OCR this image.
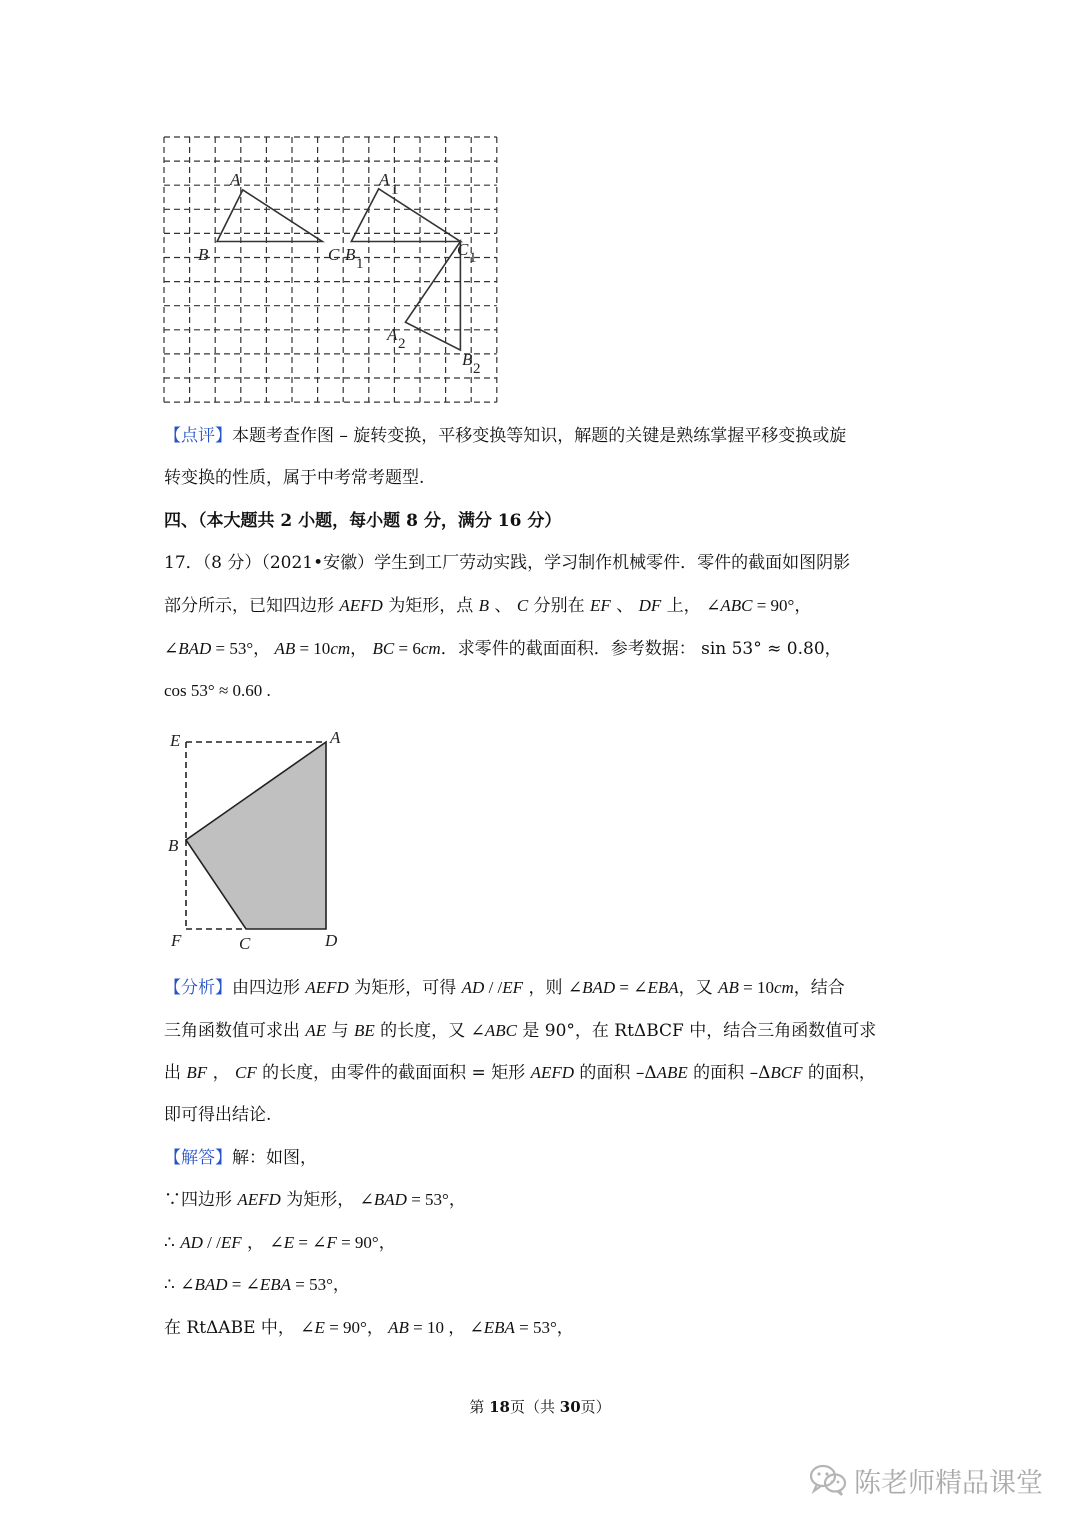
A
B	C
A
1
B 1
C 1
A 2
B 2
【点评】本题考查作图 – 旋转变换，平移变换等知识，解题的关键是熟练掌握平移变换或旋
转变换的性质，属于中考常考题型.
四、（本大题共 2 小题，每小题 8 分，满分 16 分）
17．（8 分）（2021•安徽）学生到工厂劳动实践，学习制作机械零件．零件的截面如图阴影
部分所示，已知四边形 AEFD 为矩形，点 B 、 C 分别在 EF 、 DF 上， ∠ABC = 90°，
∠BAD = 53°， AB = 10cm， BC = 6cm．求零件的截面面积．参考数据： sin 53° ≈ 0.80，
cos 53° ≈ 0.60 .
E	A
B
F	C	D
【分析】由四边形 AEFD 为矩形，可得 AD / /EF ，则 ∠BAD = ∠EBA，又 AB = 10cm，结合
三角函数值可求出 AE 与 BE 的长度，又 ∠ABC 是 90°，在 RtΔBCF 中，结合三角函数值可求
出 BF ， CF 的长度，由零件的截面面积 = 矩形 AEFD 的面积 –ΔABE 的面积 –ΔBCF 的面积，
即可得出结论.
【解答】解：如图，
∵四边形 AEFD 为矩形， ∠BAD = 53°，
∴ AD / /EF ， ∠E = ∠F = 90°，
∴ ∠BAD = ∠EBA = 53°，
在 RtΔABE 中， ∠E = 90°， AB = 10 ， ∠EBA = 53°，
第 18页（共 30页）
陈老师精品课堂
